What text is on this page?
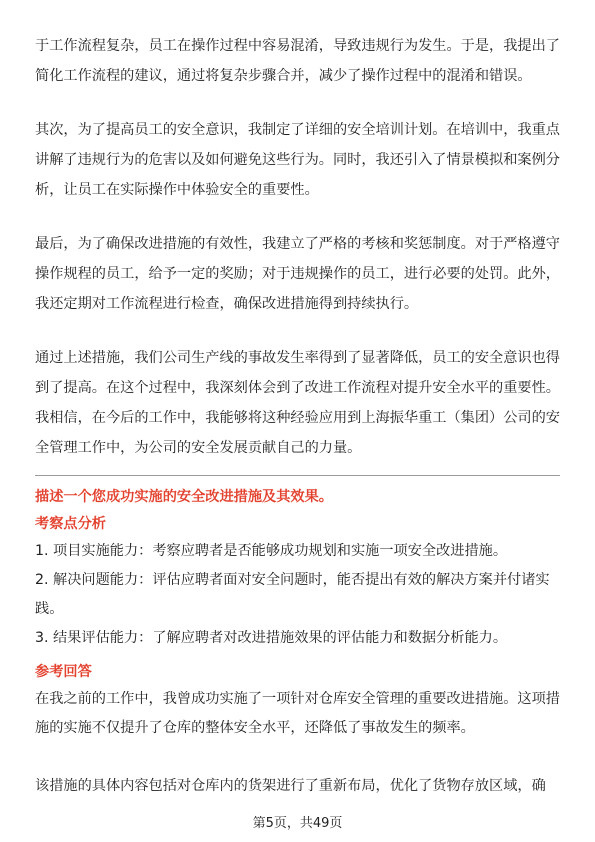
于工作流程复杂，员工在操作过程中容易混淆，导致违规行为发生。于是，我提出了简化工作流程的建议，通过将复杂步骤合并，减少了操作过程中的混淆和错误。

其次，为了提高员工的安全意识，我制定了详细的安全培训计划。在培训中，我重点讲解了违规行为的危害以及如何避免这些行为。同时，我还引入了情景模拟和案例分析，让员工在实际操作中体验安全的重要性。

最后，为了确保改进措施的有效性，我建立了严格的考核和奖惩制度。对于严格遵守操作规程的员工，给予一定的奖励；对于违规操作的员工，进行必要的处罚。此外，我还定期对工作流程进行检查，确保改进措施得到持续执行。

通过上述措施，我们公司生产线的事故发生率得到了显著降低，员工的安全意识也得到了提高。在这个过程中，我深刻体会到了改进工作流程对提升安全水平的重要性。我相信，在今后的工作中，我能够将这种经验应用到上海振华重工（集团）公司的安全管理工作中，为公司的安全发展贡献自己的力量。

描述一个您成功实施的安全改进措施及其效果。

考察点分析

1. 项目实施能力：考察应聘者是否能够成功规划和实施一项安全改进措施。

2. 解决问题能力：评估应聘者面对安全问题时，能否提出有效的解决方案并付诸实践。

3. 结果评估能力：了解应聘者对改进措施效果的评估能力和数据分析能力。

参考回答

在我之前的工作中，我曾成功实施了一项针对仓库安全管理的重要改进措施。这项措施的实施不仅提升了仓库的整体安全水平，还降低了事故发生的频率。

该措施的具体内容包括对仓库内的货架进行了重新布局，优化了货物存放区域，确

第5页，共49页
